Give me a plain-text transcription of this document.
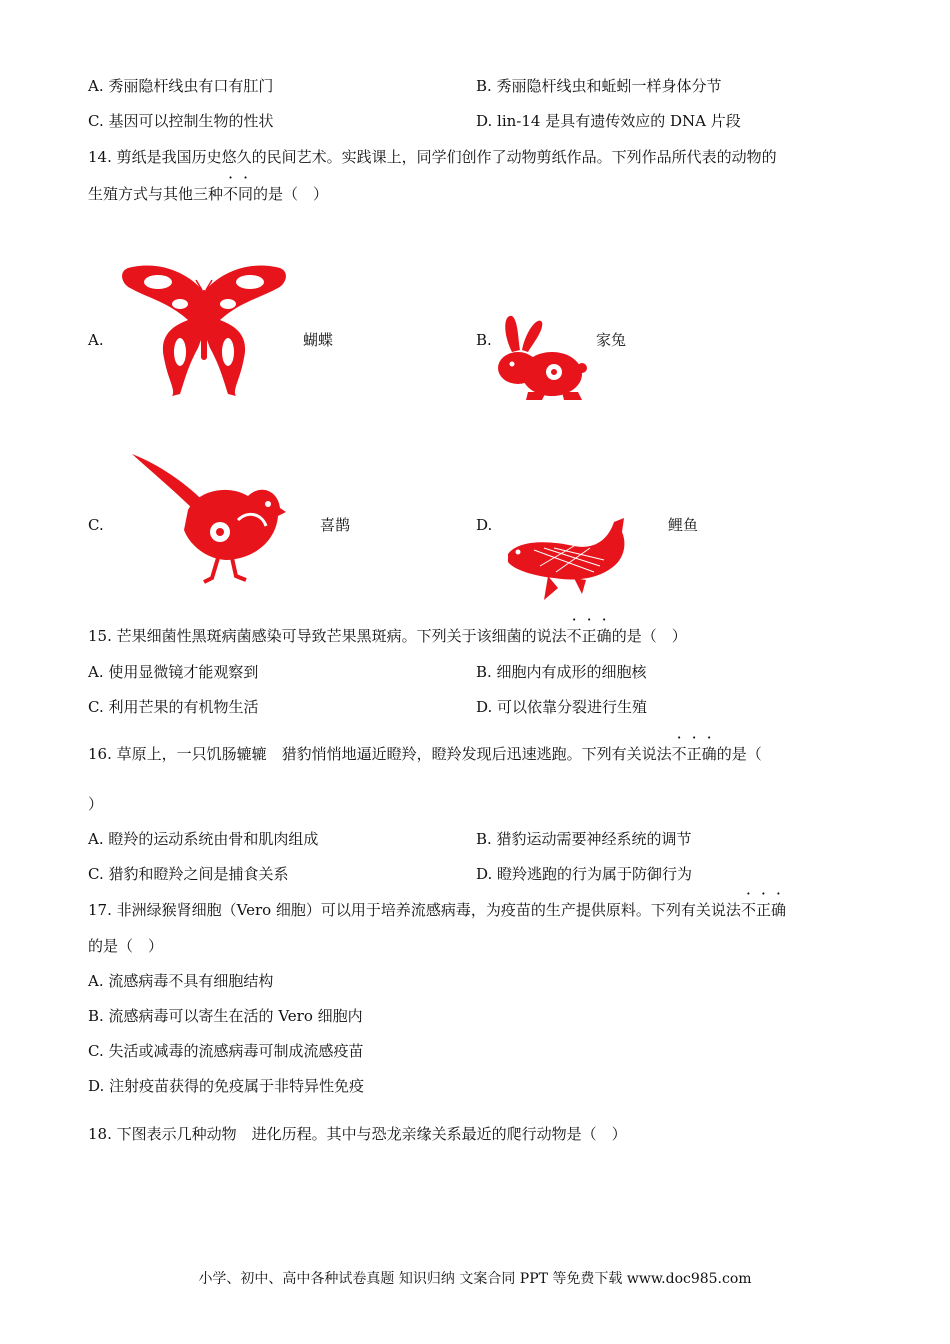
A. 秀丽隐杆线虫有口有肛门	B. 秀丽隐杆线虫和蚯蚓一样身体分节
C. 基因可以控制生物的性状	D. lin-14 是具有遗传效应的 DNA 片段
14. 剪纸是我国历史悠久的民间艺术。实践课上，同学们创作了动物剪纸作品。下列作品所代表的动物的
生殖方式与其他三种不同的是（　）
A.	蝴蝶	B.	家兔
C.	喜鹊	D.	鲤鱼
15. 芒果细菌性黑斑病菌感染可导致芒果黑斑病。下列关于该细菌的说法不正确的是（　）
A. 使用显微镜才能观察到	B. 细胞内有成形的细胞核
C. 利用芒果的有机物生活	D. 可以依靠分裂进行生殖
16. 草原上，一只饥肠辘辘　猎豹悄悄地逼近瞪羚，瞪羚发现后迅速逃跑。下列有关说法不正确的是（
）
A. 瞪羚的运动系统由骨和肌肉组成	B. 猎豹运动需要神经系统的调节
C. 猎豹和瞪羚之间是捕食关系	D. 瞪羚逃跑的行为属于防御行为
17. 非洲绿猴肾细胞（Vero 细胞）可以用于培养流感病毒，为疫苗的生产提供原料。下列有关说法不正确
的是（　）
A. 流感病毒不具有细胞结构
B. 流感病毒可以寄生在活的 Vero 细胞内
C. 失活或减毒的流感病毒可制成流感疫苗
D. 注射疫苗获得的免疫属于非特异性免疫
18. 下图表示几种动物　进化历程。其中与恐龙亲缘关系最近的爬行动物是（　）
小学、初中、高中各种试卷真题 知识归纳 文案合同 PPT 等免费下载 www.doc985.com
